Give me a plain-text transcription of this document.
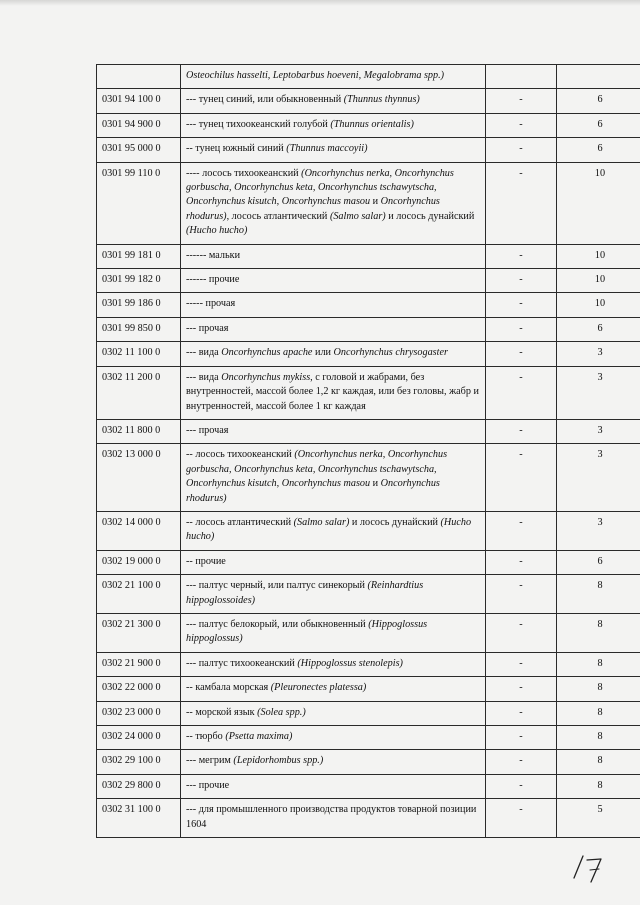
	Osteochilus hasselti, Leptobarbus hoeveni, Megalobrama spp.)		
0301 94 100 0	--- тунец синий, или обыкновенный (Thunnus thynnus)	-	6
0301 94 900 0	--- тунец тихоокеанский голубой (Thunnus orientalis)	-	6
0301 95 000 0	-- тунец южный синий (Thunnus maccoyii)	-	6
0301 99 110 0	---- лосось тихоокеанский (Oncorhynchus nerka, Oncorhynchus gorbuscha, Oncorhynchus keta, Oncorhynchus tschawytscha, Oncorhynchus kisutch, Oncorhynchus masou и Oncorhynchus rhodurus), лосось атлантический (Salmo salar) и лосось дунайский (Hucho hucho)	-	10
0301 99 181 0	------ мальки	-	10
0301 99 182 0	------ прочие	-	10
0301 99 186 0	----- прочая	-	10
0301 99 850 0	--- прочая	-	6
0302 11 100 0	--- вида Oncorhynchus apache или Oncorhynchus chrysogaster	-	3
0302 11 200 0	--- вида Oncorhynchus mykiss, с головой и жабрами, без внутренностей, массой более 1,2 кг каждая, или без головы, жабр и внутренностей, массой более 1 кг каждая	-	3
0302 11 800 0	--- прочая	-	3
0302 13 000 0	-- лосось тихоокеанский (Oncorhynchus nerka, Oncorhynchus gorbuscha, Oncorhynchus keta, Oncorhynchus tschawytscha, Oncorhynchus kisutch, Oncorhynchus masou и Oncorhynchus rhodurus)	-	3
0302 14 000 0	-- лосось атлантический (Salmo salar) и лосось дунайский (Hucho hucho)	-	3
0302 19 000 0	-- прочие	-	6
0302 21 100 0	--- палтус черный, или палтус синекорый (Reinhardtius hippoglossoides)	-	8
0302 21 300 0	--- палтус белокорый, или обыкновенный (Hippoglossus hippoglossus)	-	8
0302 21 900 0	--- палтус тихоокеанский (Hippoglossus stenolepis)	-	8
0302 22 000 0	-- камбала морская (Pleuronectes platessa)	-	8
0302 23 000 0	-- морской язык (Solea spp.)	-	8
0302 24 000 0	-- тюрбо (Psetta maxima)	-	8
0302 29 100 0	--- мегрим (Lepidorhombus spp.)	-	8
0302 29 800 0	--- прочие	-	8
0302 31 100 0	--- для промышленного производства продуктов товарной позиции 1604	-	5
